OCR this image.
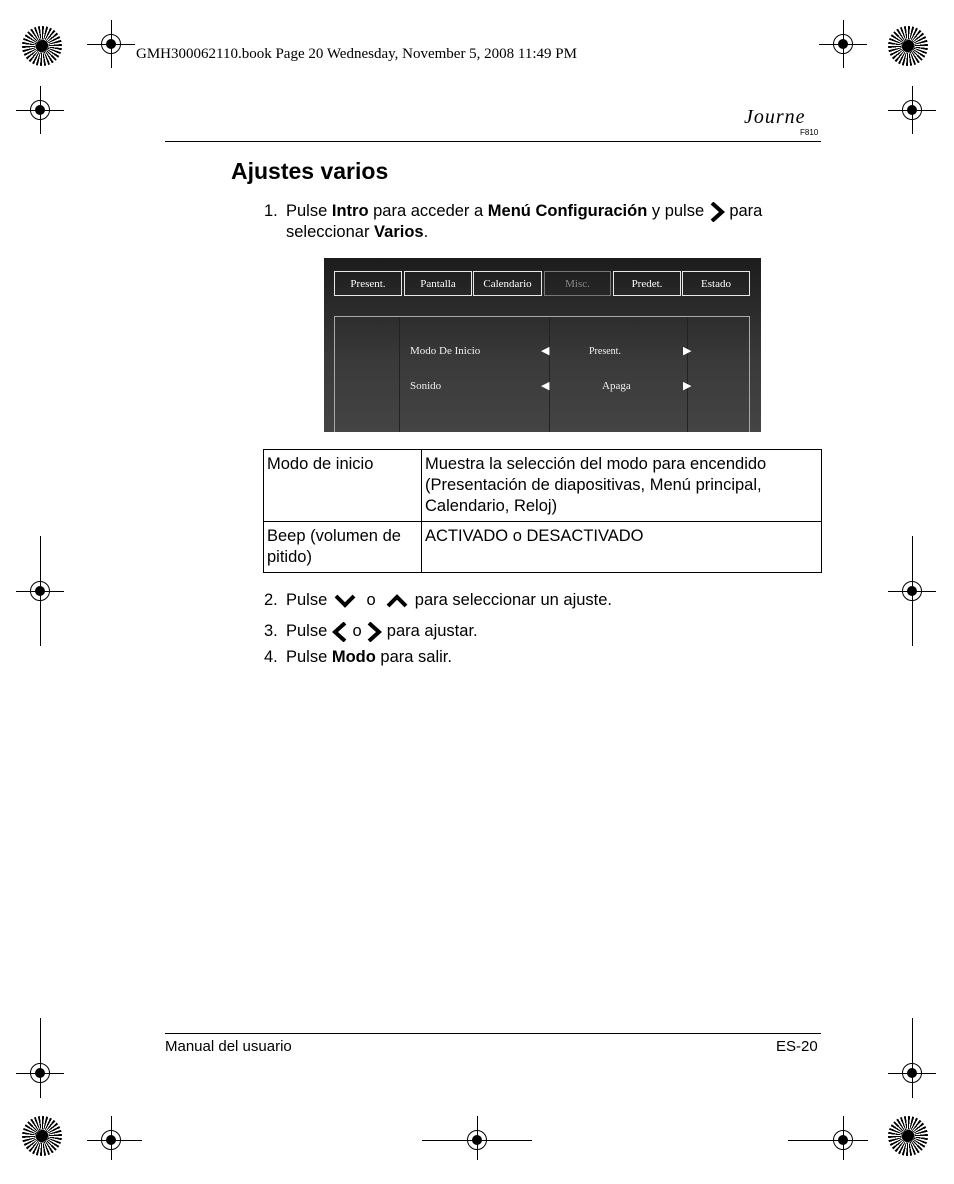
GMH300062110.book Page 20 Wednesday, November 5, 2008 11:49 PM
Journe
F810
Ajustes varios
1. Pulse Intro para acceder a Menú Configuración y pulse  para
seleccionar Varios.
Present.	Pantalla	Calendario	Misc.	Predet.	Estado
Modo De Inicio	◀	Present.	▶
Sonido	◀	Apaga	▶
Modo de inicio	Muestra la selección del modo para encendido (Presentación de diapositivas, Menú principal, Calendario, Reloj)
Beep (volumen de pitido)	ACTIVADO o DESACTIVADO
2. Pulse  o  para seleccionar un ajuste.
3. Pulse  o  para ajustar.
4. Pulse Modo para salir.
Manual del usuario	ES-20
